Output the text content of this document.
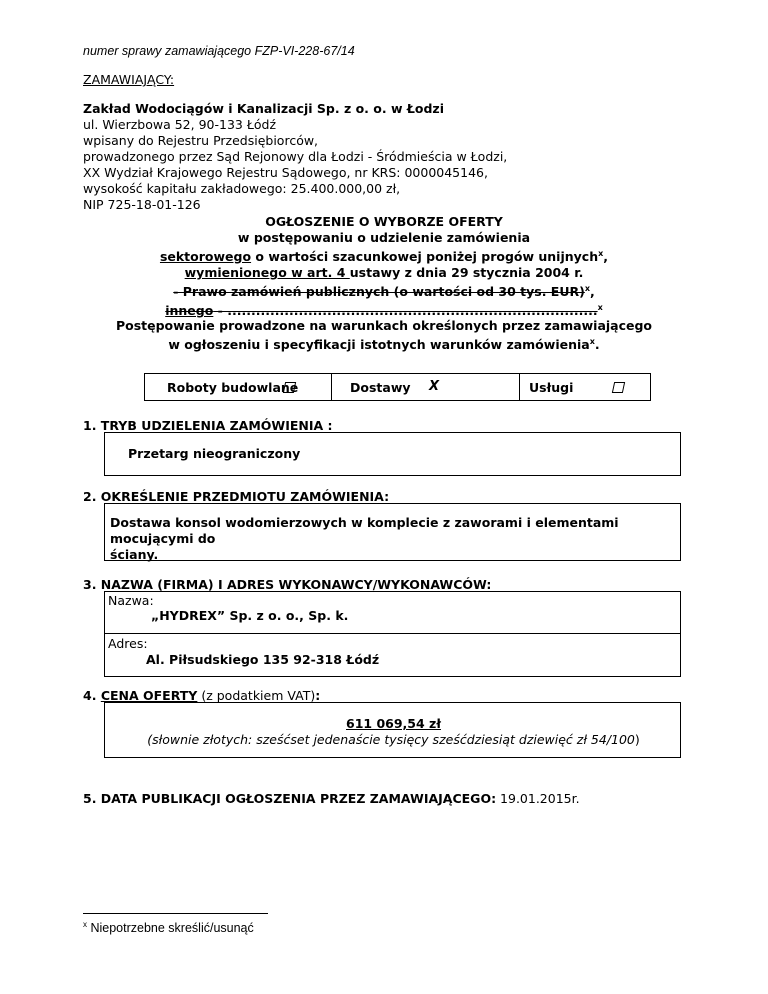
numer sprawy zamawiającego FZP-VI-228-67/14
ZAMAWIAJĄCY:
Zakład Wodociągów i Kanalizacji Sp. z o. o. w Łodzi
ul. Wierzbowa 52, 90-133 Łódź
wpisany do Rejestru Przedsiębiorców,
prowadzonego przez Sąd Rejonowy dla Łodzi - Śródmieścia w Łodzi,
XX Wydział Krajowego Rejestru Sądowego, nr KRS: 0000045146,
wysokość kapitału zakładowego: 25.400.000,00 zł,
NIP 725-18-01-126
OGŁOSZENIE O WYBORZE OFERTY
w postępowaniu o udzielenie zamówienia
sektorowego o wartości szacunkowej poniżej progów unijnych$^x$,
wymienionego w art. 4 ustawy z dnia 29 stycznia 2004 r.
- Prawo zamówień publicznych (o wartości od 30 tys. EUR)$^x$,
innego - ..............................................................................$^x$
Postępowanie prowadzone na warunkach określonych przez zamawiającego
w ogłoszeniu i specyfikacji istotnych warunków zamówienia$^x$.
Roboty budowlane	Dostawy X	Usługi
1. TRYB UDZIELENIA ZAMÓWIENIA :
Przetarg nieograniczony
2. OKREŚLENIE PRZEDMIOTU ZAMÓWIENIA:
Dostawa konsol wodomierzowych w komplecie z zaworami i elementami mocującymi do
ściany.
3. NAZWA (FIRMA) I ADRES WYKONAWCY/WYKONAWCÓW:
Nazwa:
„HYDREX” Sp. z o. o., Sp. k.
Adres:
Al. Piłsudskiego 135 92-318 Łódź
4. CENA OFERTY (z podatkiem VAT):
611 069,54 zł
(słownie złotych: sześćset jedenaście tysięcy sześćdziesiąt dziewięć zł 54/100)
5. DATA PUBLIKACJI OGŁOSZENIA PRZEZ ZAMAWIAJĄCEGO: 19.01.2015r.
$^x$ Niepotrzebne skreślić/usunąć
